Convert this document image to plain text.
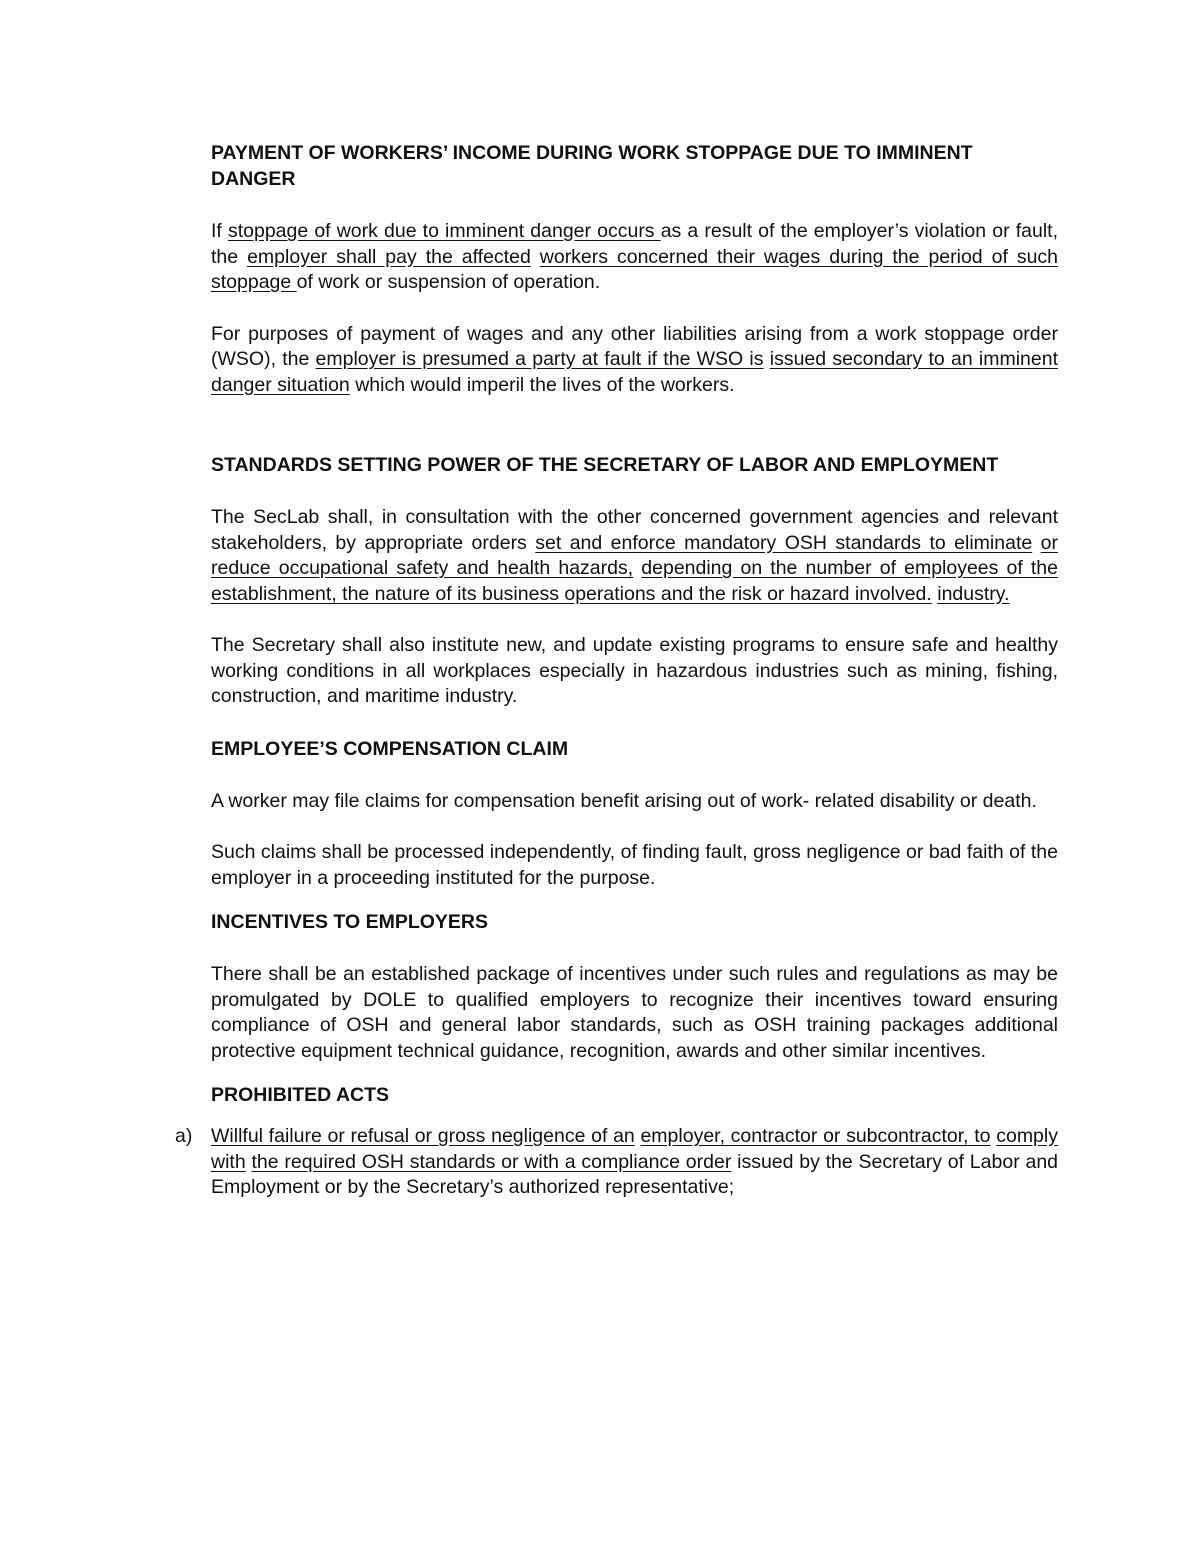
PAYMENT OF WORKERS’ INCOME DURING WORK STOPPAGE DUE TO IMMINENT DANGER

If stoppage of work due to imminent danger occurs as a result of the employer’s violation or fault, the employer shall pay the affected workers concerned their wages during the period of such stoppage of work or suspension of operation.

For purposes of payment of wages and any other liabilities arising from a work stoppage order (WSO), the employer is presumed a party at fault if the WSO is issued secondary to an imminent danger situation which would imperil the lives of the workers.

STANDARDS SETTING POWER OF THE SECRETARY OF LABOR AND EMPLOYMENT

The SecLab shall, in consultation with the other concerned government agencies and relevant stakeholders, by appropriate orders set and enforce mandatory OSH standards to eliminate or reduce occupational safety and health hazards, depending on the number of employees of the establishment, the nature of its business operations and the risk or hazard involved. industry.

The Secretary shall also institute new, and update existing programs to ensure safe and healthy working conditions in all workplaces especially in hazardous industries such as mining, fishing, construction, and maritime industry.

EMPLOYEE’S COMPENSATION CLAIM

A worker may file claims for compensation benefit arising out of work- related disability or death.

Such claims shall be processed independently, of finding fault, gross negligence or bad faith of the employer in a proceeding instituted for the purpose.

INCENTIVES TO EMPLOYERS

There shall be an established package of incentives under such rules and regulations as may be promulgated by DOLE to qualified employers to recognize their incentives toward ensuring compliance of OSH and general labor standards, such as OSH training packages additional protective equipment technical guidance, recognition, awards and other similar incentives.

PROHIBITED ACTS
a) Willful failure or refusal or gross negligence of an employer, contractor or subcontractor, to comply with the required OSH standards or with a compliance order issued by the Secretary of Labor and Employment or by the Secretary’s authorized representative;
